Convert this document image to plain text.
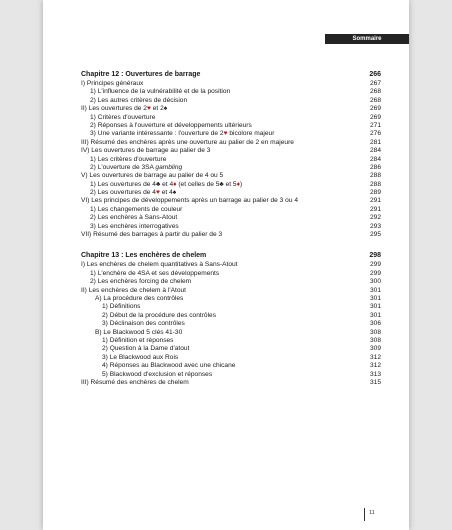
Sommaire
Chapitre 12 : Ouvertures de barrage	266
I) Principes généraux	267
1) L'influence de la vulnérabilité et de la position	268
2) Les autres critères de décision	268
II) Les ouvertures de 2♥ et 2♠	269
1) Critères d'ouverture	269
2) Réponses à l'ouverture et développements ultérieurs	271
3) Une variante intéressante : l'ouverture de 2♥ bicolore majeur	276
III) Résumé des enchères après une ouverture au palier de 2 en majeure	281
IV) Les ouvertures de barrage au palier de 3	284
1) Les critères d'ouverture	284
2) L'ouverture de 3SA gambling	286
V) Les ouvertures de barrage au palier de 4 ou 5	288
1) Les ouvertures de 4♣ et 4♦ (et celles de 5♣ et 5♦)	288
2) Les ouvertures de 4♥ et 4♠	289
VI) Les principes de développements après un barrage au palier de 3 ou 4	291
1) Les changements de couleur	291
2) Les enchères à Sans-Atout	292
3) Les enchères interrogatives	293
VII) Résumé des barrages à partir du palier de 3	295
Chapitre 13 : Les enchères de chelem	298
I) Les enchères de chelem quantitatives à Sans-Atout	299
1) L'enchère de 4SA et ses développements	299
2) Les enchères forcing de chelem	300
II) Les enchères de chelem à l'Atout	301
A) La procédure des contrôles	301
1) Définitions	301
2) Début de la procédure des contrôles	301
3) Déclinaison des contrôles	306
B) Le Blackwood 5 clés 41-30	308
1) Définition et réponses	308
2) Question à la Dame d'atout	309
3) Le Blackwood aux Rois	312
4) Réponses au Blackwood avec une chicane	312
5) Blackwood d'exclusion et réponses	313
III) Résumé des enchères de chelem	315
11
